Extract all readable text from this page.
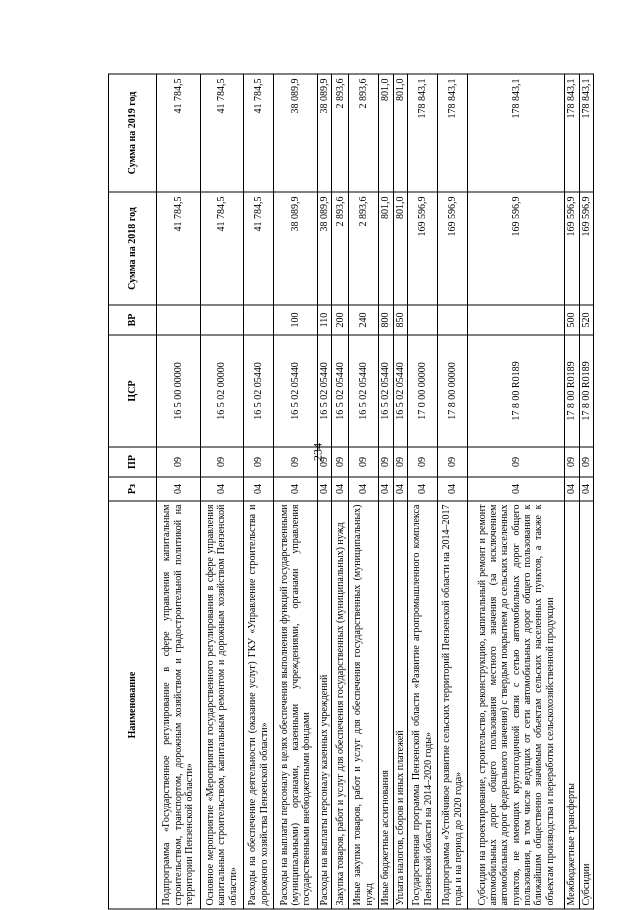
234
Наименование	Рз	ПР	ЦСР	ВР	Сумма на 2018 год	Сумма на 2019 год
Подпрограмма «Государственное регулирование в сфере управления капитальным строительством, транспортом, дорожным хозяйством и градостроительной политикой на территории Пензенской области»	04	09	16 5 00 00000		41 784,5	41 784,5
Основное мероприятие «Мероприятия государственного регулирования в сфере управления капитальным строительством, капитальным ремонтом и дорожным хозяйством Пензенской области»	04	09	16 5 02 00000		41 784,5	41 784,5
Расходы на обеспечение деятельности (оказание услуг) ГКУ «Управление строительства и дорожного хозяйства Пензенской области»	04	09	16 5 02 05440		41 784,5	41 784,5
Расходы на выплаты персоналу в целях обеспечения выполнения функций государственными (муниципальными) органами, казенными учреждениями, органами управления государственными внебюджетными фондами	04	09	16 5 02 05440	100	38 089,9	38 089,9
Расходы на выплаты персоналу казенных учреждений	04	09	16 5 02 05440	110	38 089,9	38 089,9
Закупка товаров, работ и услуг для обеспечения государственных (муниципальных) нужд	04	09	16 5 02 05440	200	2 893,6	2 893,6
Иные закупки товаров, работ и услуг для обеспечения государственных (муниципальных) нужд	04	09	16 5 02 05440	240	2 893,6	2 893,6
Иные бюджетные ассигнования	04	09	16 5 02 05440	800	801,0	801,0
Уплата налогов, сборов и иных платежей	04	09	16 5 02 05440	850	801,0	801,0
Государственная программа Пензенской области «Развитие агропромышленного комплекса Пензенской области на 2014–2020 годы»	04	09	17 0 00 00000		169 596,9	178 843,1
Подпрограмма «Устойчивое развитие сельских территорий Пензенской области на 2014–2017 годы и на период до 2020 года»	04	09	17 8 00 00000		169 596,9	178 843,1
Субсидии на проектирование, строительство, реконструкцию, капитальный ремонт и ремонт автомобильных дорог общего пользования местного значения (за исключением автомобильных дорог федерального значения) с твердым покрытием до сельских населенных пунктов, не имеющих круглогодичной связи с сетью автомобильных дорог общего пользования, в том числе ведущих от сети автомобильных дорог общего пользования к ближайшим общественно значимым объектам сельских населенных пунктов, а также к объектам производства и переработки сельскохозяйственной продукции	04	09	17 8 00 R0189		169 596,9	178 843,1
Межбюджетные трансферты	04	09	17 8 00 R0189	500	169 596,9	178 843,1
Субсидии	04	09	17 8 00 R0189	520	169 596,9	178 843,1
